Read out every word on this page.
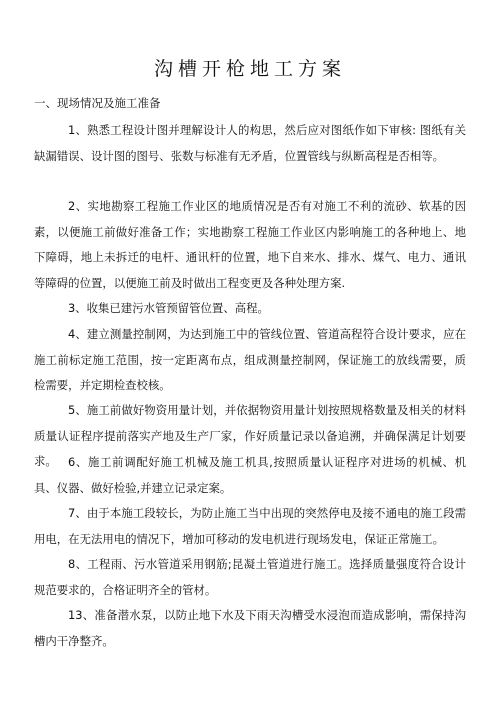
沟槽开枪地工方案
一、现场情况及施工准备

1、熟悉工程设计图并理解设计人的构思，然后应对图纸作如下审核: 图纸有关缺漏错误、设计图的图号、张数与标准有无矛盾，位置管线与纵断高程是否相等。

2、实地勘察工程施工作业区的地质情况是否有对施工不利的流砂、软基的因素，以便施工前做好准备工作；实地勘察工程施工作业区内影响施工的各种地上、地下障碍，地上未拆迁的电杆、通讯杆的位置，地下自来水、排水、煤气、电力、通讯等障碍的位置，以便施工前及时做出工程变更及各种处理方案.

3、收集已建污水管预留管位置、高程。

4、建立测量控制网，为达到施工中的管线位置、管道高程符合设计要求，应在施工前标定施工范围，按一定距离布点，组成测量控制网，保证施工的放线需要，质检需要，并定期检查校核。

5、施工前做好物资用量计划，并依据物资用量计划按照规格数量及相关的材料质量认证程序提前落实产地及生产厂家，作好质量记录以备追溯，并确保满足计划要求。 6、施工前调配好施工机械及施工机具,按照质量认证程序对进场的机械、机具、仪器、做好检验,并建立记录定案。

7、由于本施工段较长，为防止施工当中出现的突然停电及接不通电的施工段需用电，在无法用电的情况下，增加可移动的发电机进行现场发电，保证正常施工。

8、工程雨、污水管道采用钢筋;昆凝土管道进行施工。选择质量强度符合设计规范要求的，合格证明齐全的管材。

13、准备潜水泵，以防止地下水及下雨天沟槽受水浸泡而造成影响，需保持沟槽内干净整齐。
